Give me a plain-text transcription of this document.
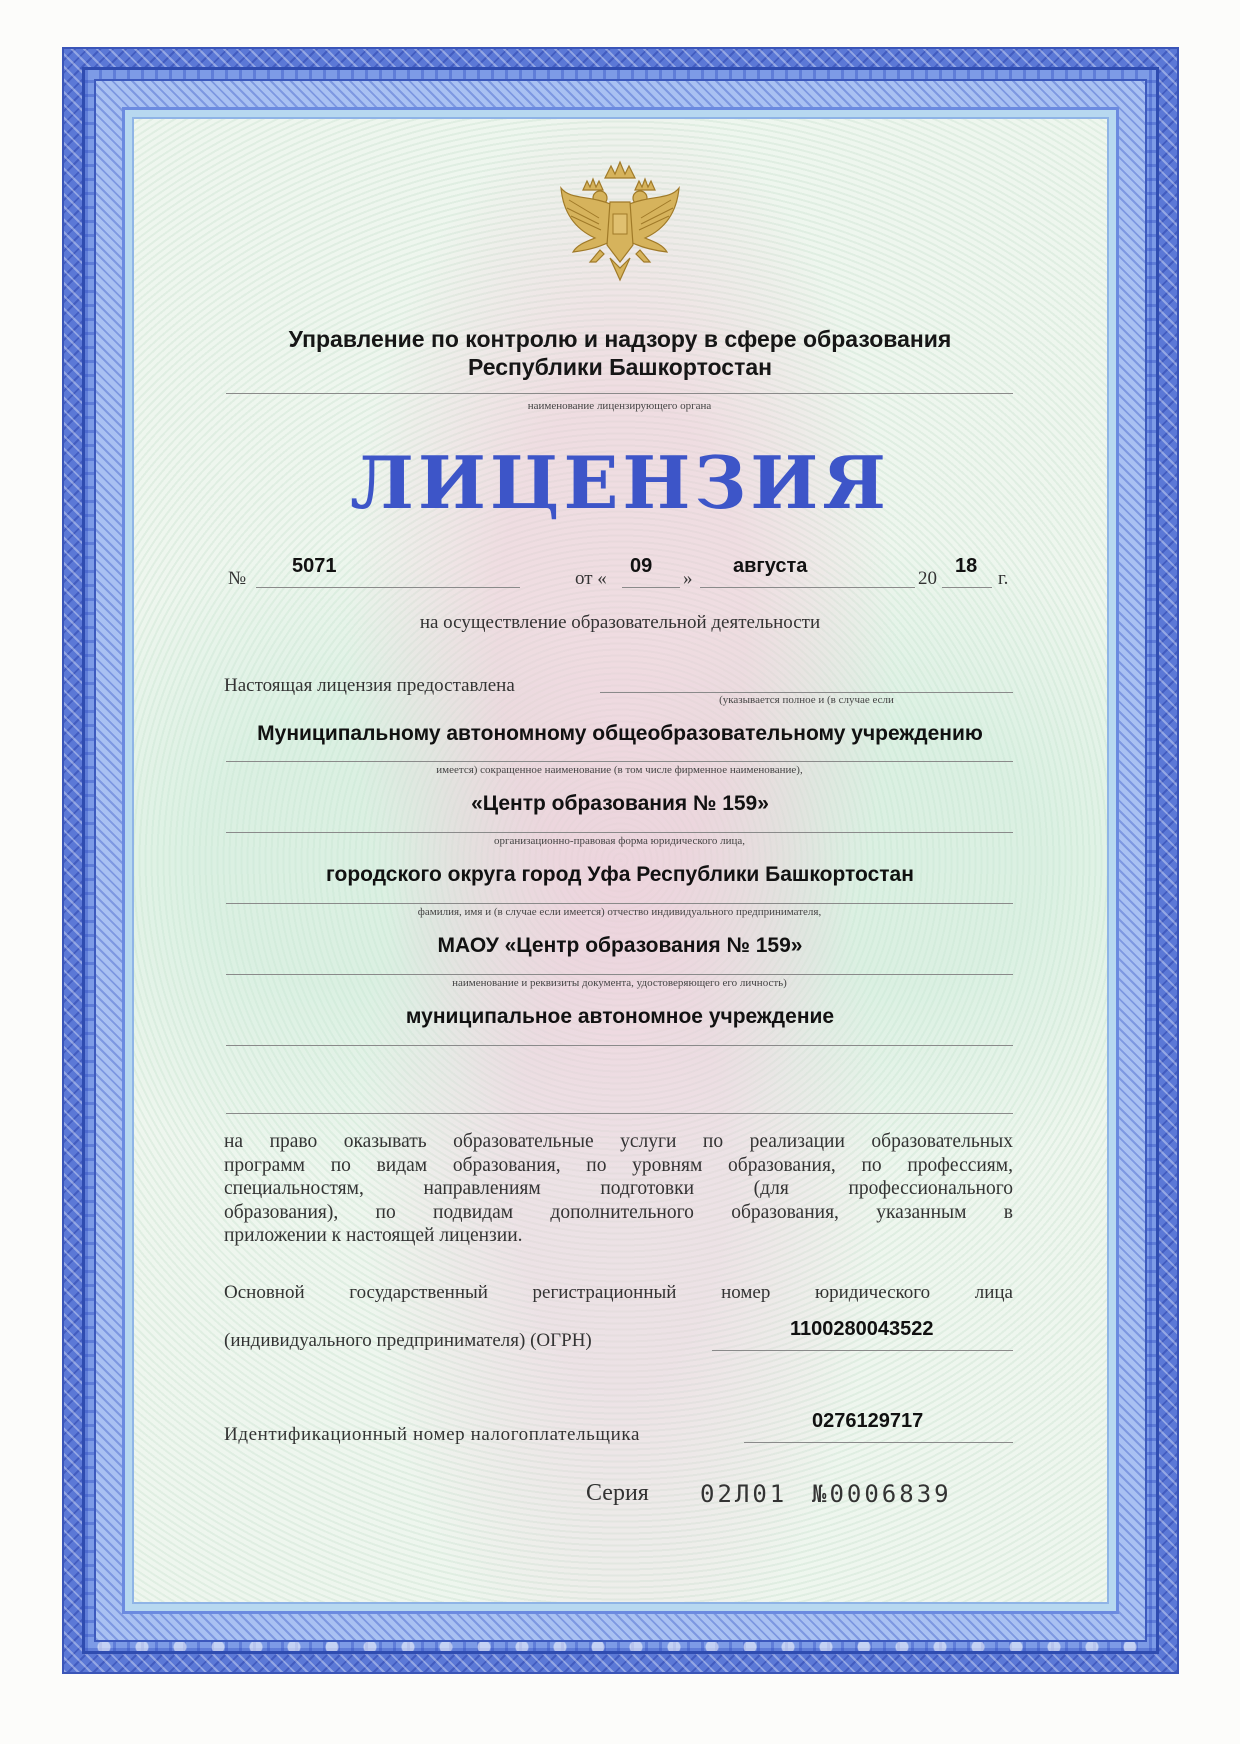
Управление по контролю и надзору в сфере образования
Республики Башкортостан
наименование лицензирующего органа
ЛИЦЕНЗИЯ
№
5071
от «
09
»
августа
20
18
г.
на осуществление образовательной деятельности
Настоящая лицензия предоставлена
(указывается полное и (в случае если
Муниципальному автономному общеобразовательному учреждению
имеется) сокращенное наименование (в том числе фирменное наименование),
«Центр образования № 159»
организационно-правовая форма юридического лица,
городского округа город Уфа Республики Башкортостан
фамилия, имя и (в случае если имеется) отчество индивидуального предпринимателя,
МАОУ «Центр образования № 159»
наименование и реквизиты документа, удостоверяющего его личность)
муниципальное автономное учреждение
на право оказывать образовательные услуги по реализации образовательных
программ по видам образования, по уровням образования, по профессиям,
специальностям, направлениям подготовки (для профессионального
образования), по подвидам дополнительного образования, указанным в
приложении к настоящей лицензии.
Основной государственный регистрационный номер юридического лица
(индивидуального предпринимателя) (ОГРН)
1100280043522
Идентификационный номер налогоплательщика
0276129717
Серия 02Л01 №0006839
